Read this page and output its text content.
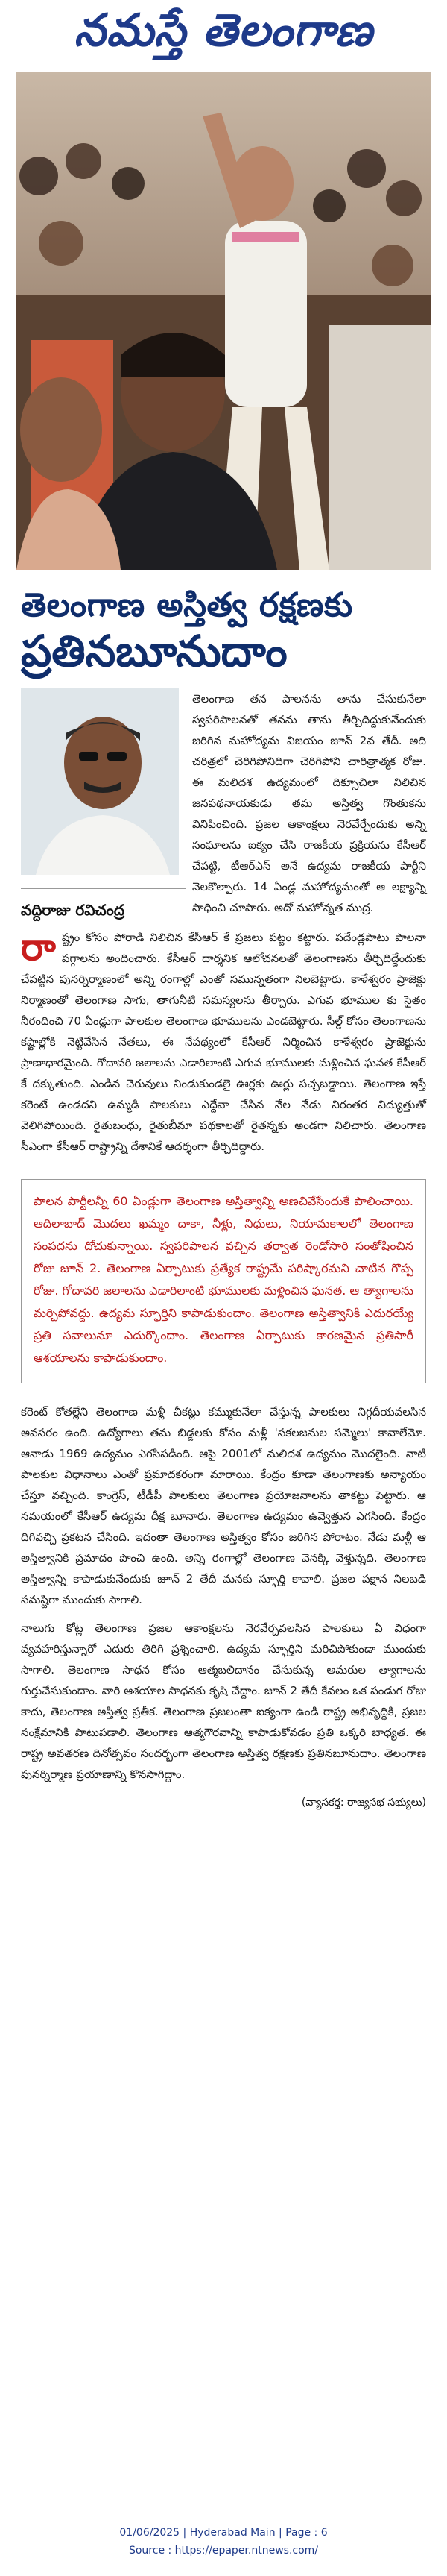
నమస్తే తెలంగాణ
తెలంగాణ అస్తిత్వ రక్షణకు
ప్రతినబూనుదాం
వద్దిరాజు రవిచంద్ర
తెలంగాణ తన పాలనను తాను చేసుకునేలా స్వపరిపాలనతో తనను తాను తీర్చిదిద్దుకునేందుకు జరిగిన మహోద్యమ విజయం జూన్ 2వ తేదీ. అది చరిత్రలో చెరిగిపోనిదిగా చెరిగిపోని చారిత్రాత్మక రోజు. ఈ మలిదశ ఉద్యమంలో దిక్సూచిలా నిలిచిన జనపథనాయకుడు తమ అస్తిత్వ గొంతుకను వినిపించింది. ప్రజల ఆకాంక్షలు నెరవేర్చేందుకు అన్ని సంఘాలను ఐక్యం చేసి రాజకీయ ప్రక్రియను కేసీఆర్ చేపట్టి, టీఆర్ఎస్ అనే ఉద్యమ రాజకీయ పార్టీని నెలకొల్పారు. 14 ఏండ్ల మహోద్యమంతో ఆ లక్ష్యాన్ని సాధించి చూపారు. అదో మహోన్నత ముద్ర.
రాష్ట్రం కోసం పోరాడి నిలిచిన కేసీఆర్ కే ప్రజలు పట్టం కట్టారు. పదేండ్లపాటు పాలనా పగ్గాలను అందించారు. కేసీఆర్ దార్శనిక ఆలోచనలతో తెలంగాణను తీర్చిదిద్దేందుకు చేపట్టిన పునర్నిర్మాణంలో అన్ని రంగాల్లో ఎంతో సమున్నతంగా నిలబెట్టారు. కాళేశ్వరం ప్రాజెక్టు నిర్మాణంతో తెలంగాణ సాగు, తాగునీటి సమస్యలను తీర్చారు. ఎగువ భూముల కు సైతం నీరందించి 70 ఏండ్లుగా పాలకుల తెలంగాణ భూములను ఎండబెట్టారు. సీల్డ్ కోసం తెలంగాణను కష్టాల్లోకి నెట్టివేసిన నేతలు, ఈ నేపథ్యంలో కేసీఆర్ నిర్మించిన కాళేశ్వరం ప్రాజెక్టును ప్రాణాధారమైంది. గోదావరి జలాలను ఎడారిలాంటి ఎగువ భూములకు మళ్లించిన ఘనత కేసీఆర్ కే దక్కుతుంది. ఎండిన చెరువులు నిండుకుండలై ఊర్లకు ఊర్లు పచ్చబడ్డాయి. తెలంగాణ ఇస్తే కరెంటే ఉండదని ఉమ్మడి పాలకులు ఎద్దేవా చేసిన నేల నేడు నిరంతర విద్యుత్తుతో వెలిగిపోయింది. రైతుబంధు, రైతుబీమా పథకాలతో రైతన్నకు అండగా నిలిచారు. తెలంగాణ సీఎంగా కేసీఆర్ రాష్ట్రాన్ని దేశానికే ఆదర్శంగా తీర్చిదిద్దారు.
పాలన పార్టీలన్నీ 60 ఏండ్లుగా తెలంగాణ అస్తిత్వాన్ని అణచివేసేందుకే పాలించాయి. ఆదిలాబాద్ మొదలు ఖమ్మం దాకా, నీళ్లు, నిధులు, నియామకాలలో తెలంగాణ సంపదను దోచుకున్నాయి. స్వపరిపాలన వచ్చిన తర్వాత రెండోసారి సంతోషించిన రోజు జూన్ 2. తెలంగాణ ఏర్పాటుకు ప్రత్యేక రాష్ట్రమే పరిష్కారమని చాటిన గొప్ప రోజు. గోదావరి జలాలను ఎడారిలాంటి భూములకు మళ్లించిన ఘనత. ఆ త్యాగాలను మర్చిపోవద్దు. ఉద్యమ స్ఫూర్తిని కాపాడుకుందాం. తెలంగాణ అస్తిత్వానికి ఎదురయ్యే ప్రతి సవాలునూ ఎదుర్కొందాం. తెలంగాణ ఏర్పాటుకు కారణమైన ప్రతిసారీ ఆశయాలను కాపాడుకుందాం.
కరెంట్ కోతల్లేని తెలంగాణ మళ్లీ చీకట్లు కమ్ముకునేలా చేస్తున్న పాలకులు నిగ్గదీయవలసిన అవసరం ఉంది. ఉద్యోగాలు తమ బిడ్డలకు కోసం మళ్లీ 'సకలజనుల సమ్మెలు' కావాలేమో. ఆనాడు 1969 ఉద్యమం ఎగసిపడింది. ఆపై 2001లో మలిదశ ఉద్యమం మొదలైంది. నాటి పాలకుల విధానాలు ఎంతో ప్రమాదకరంగా మారాయి. కేంద్రం కూడా తెలంగాణకు అన్యాయం చేస్తూ వచ్చింది. కాంగ్రెస్, టీడీపీ పాలకులు తెలంగాణ ప్రయోజనాలను తాకట్టు పెట్టారు. ఆ సమయంలో కేసీఆర్ ఉద్యమ దీక్ష బూనారు. తెలంగాణ ఉద్యమం ఉవ్వెత్తున ఎగసింది. కేంద్రం దిగివచ్చి ప్రకటన చేసింది. ఇదంతా తెలంగాణ అస్తిత్వం కోసం జరిగిన పోరాటం. నేడు మళ్లీ ఆ అస్తిత్వానికి ప్రమాదం పొంచి ఉంది. అన్ని రంగాల్లో తెలంగాణ వెనక్కి వెళ్తున్నది. తెలంగాణ అస్తిత్వాన్ని కాపాడుకునేందుకు జూన్ 2 తేదీ మనకు స్ఫూర్తి కావాలి. ప్రజల పక్షాన నిలబడి సమష్టిగా ముందుకు సాగాలి.
నాలుగు కోట్ల తెలంగాణ ప్రజల ఆకాంక్షలను నెరవేర్చవలసిన పాలకులు ఏ విధంగా వ్యవహరిస్తున్నారో ఎదురు తిరిగి ప్రశ్నించాలి. ఉద్యమ స్ఫూర్తిని మరిచిపోకుండా ముందుకు సాగాలి. తెలంగాణ సాధన కోసం ఆత్మబలిదానం చేసుకున్న అమరుల త్యాగాలను గుర్తుచేసుకుందాం. వారి ఆశయాల సాధనకు కృషి చేద్దాం. జూన్ 2 తేదీ కేవలం ఒక పండుగ రోజు కాదు, తెలంగాణ అస్తిత్వ ప్రతీక. తెలంగాణ ప్రజలంతా ఐక్యంగా ఉండి రాష్ట్ర అభివృద్ధికి, ప్రజల సంక్షేమానికి పాటుపడాలి. తెలంగాణ ఆత్మగౌరవాన్ని కాపాడుకోవడం ప్రతి ఒక్కరి బాధ్యత. ఈ రాష్ట్ర అవతరణ దినోత్సవం సందర్భంగా తెలంగాణ అస్తిత్వ రక్షణకు ప్రతినబూనుదాం. తెలంగాణ పునర్నిర్మాణ ప్రయాణాన్ని కొనసాగిద్దాం.
(వ్యాసకర్త: రాజ్యసభ సభ్యులు)
01/06/2025 | Hyderabad Main | Page : 6
Source : https://epaper.ntnews.com/
